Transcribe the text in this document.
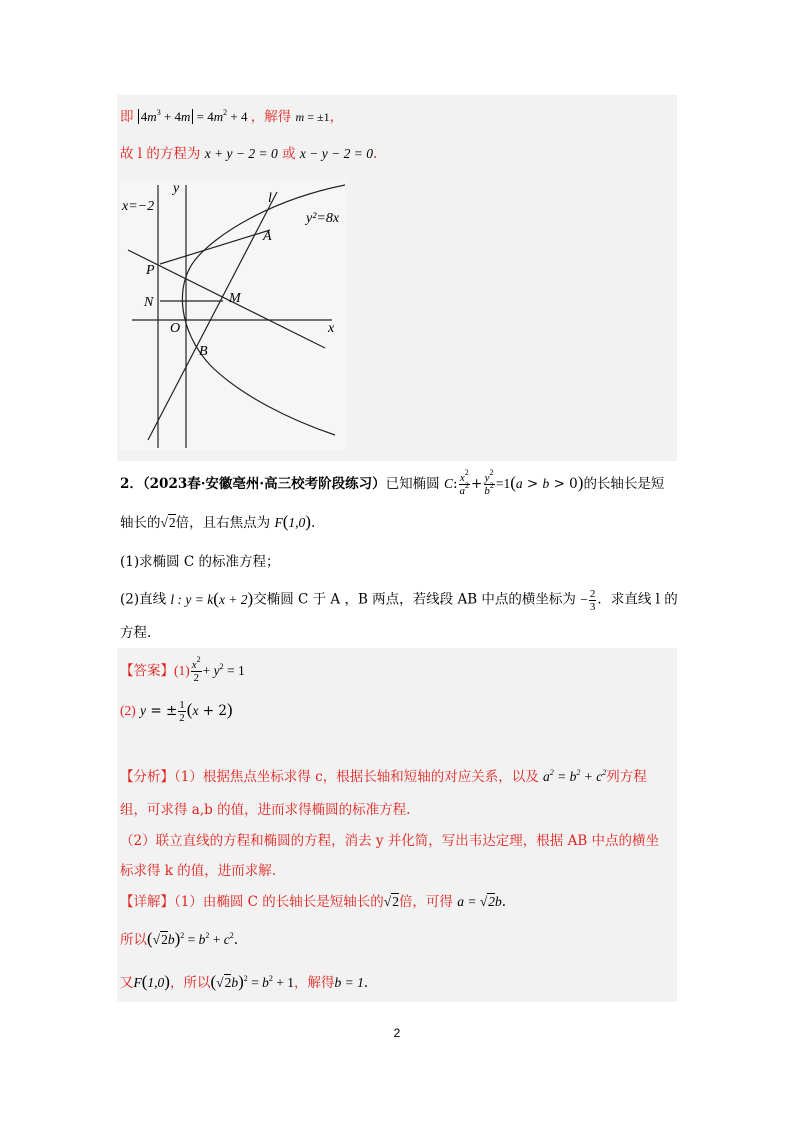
即 $4m^3 + 4m = 4m^2 + 4$ ，解得 m = ±1，
故 l 的方程为 x + y − 2 = 0 或 x − y − 2 = 0.
x=−2
y
l
A
y²=8x
P
N	M
O	x
B
2．（2023春·安徽亳州·高三校考阶段练习）已知椭圆 C: $\frac{x^2}{a^2} + \frac{y^2}{b^2} =1(a > b > 0)$的长轴长是短
轴长的√2倍，且右焦点为 F(1,0).
(1)求椭圆 C 的标准方程；
(2)直线 l : y = k(x + 2)交椭圆 C 于 A ，B 两点，若线段 AB 中点的横坐标为 − $\frac{2}{3}$ ．求直线 l 的
方程.
【答案】$(1) \frac{x^2}{2} + y^2 = 1$
(2) y = ± $\frac{1}{2} (x + 2)$
【分析】（1）根据焦点坐标求得 c，根据长轴和短轴的对应关系，以及 $a^2 = b^2 + c^2$列方程
组，可求得 a,b 的值，进而求得椭圆的标准方程.
（2）联立直线的方程和椭圆的方程，消去 y 并化简，写出韦达定理，根据 AB 中点的横坐
标求得 k 的值，进而求解.
【详解】（1）由椭圆 C 的长轴长是短轴长的√2倍，可得 a = √2b.
所以$(√2b)^2 = b^2 + c^2$.
又F(1,0)，所以$(√2b)^2 = b^2 + 1$，解得b = 1.
2
